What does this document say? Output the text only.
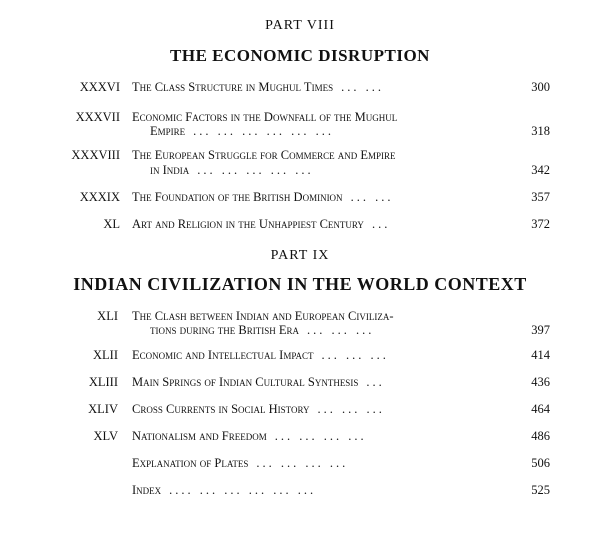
PART VIII
THE ECONOMIC DISRUPTION
XXXVI The Class Structure in Mughul Times ... ...	300
XXXVII Economic Factors in the Downfall of the Mughul
Empire ... ... ... ... ... ...	318
XXXVIII The European Struggle for Commerce and Empire
in India ... ... ... ... ...	342
XXXIX The Foundation of the British Dominion ... ...	357
XL Art and Religion in the Unhappiest Century ...	372
PART IX
INDIAN CIVILIZATION IN THE WORLD CONTEXT
XLI The Clash between Indian and European Civiliza-
tions during the British Era ... ... ...	397
XLII Economic and Intellectual Impact ... ... ...	414
XLIII Main Springs of Indian Cultural Synthesis ...	436
XLIV Cross Currents in Social History ... ... ...	464
XLV Nationalism and Freedom ... ... ... ...	486
Explanation of Plates ... ... ... ...	506
Index .... ... ... ... ... ...	525
